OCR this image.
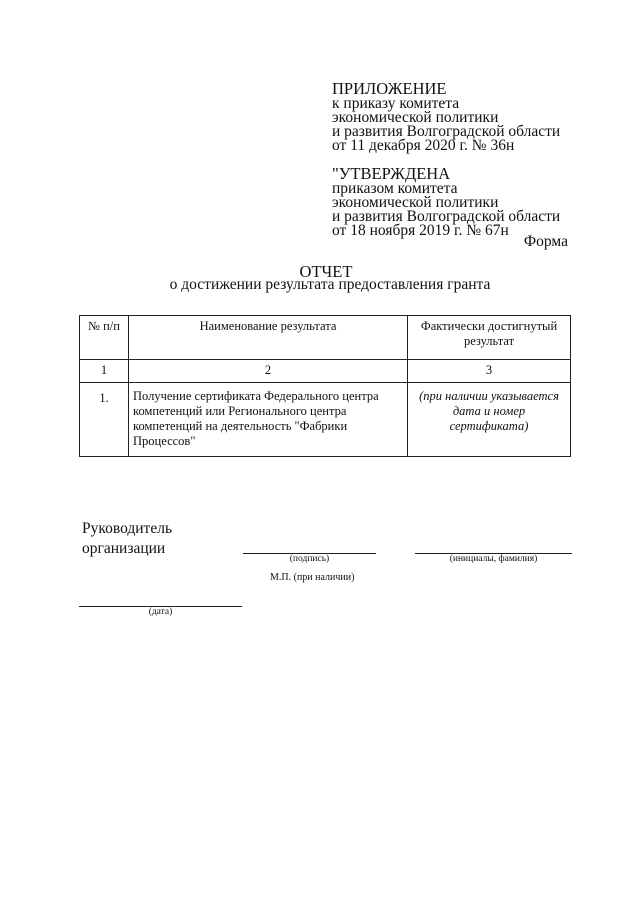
ПРИЛОЖЕНИЕ
к приказу комитета
экономической политики
и развития Волгоградской области
от 11 декабря 2020 г. № 36н
"УТВЕРЖДЕНА
приказом комитета
экономической политики
и развития Волгоградской области
от 18 ноября 2019 г. № 67н
Форма
ОТЧЕТ
о достижении результата предоставления гранта
№ п/п	Наименование результата	Фактически достигнутый результат
1	2	3
1.	Получение сертификата Федерального центра компетенций или Регионального центра компетенций на деятельность "Фабрики Процессов"	(при наличии указывается дата и номер сертификата)
Руководитель
организации
(подпись)	(инициалы, фамилия)
М.П. (при наличии)
(дата)
